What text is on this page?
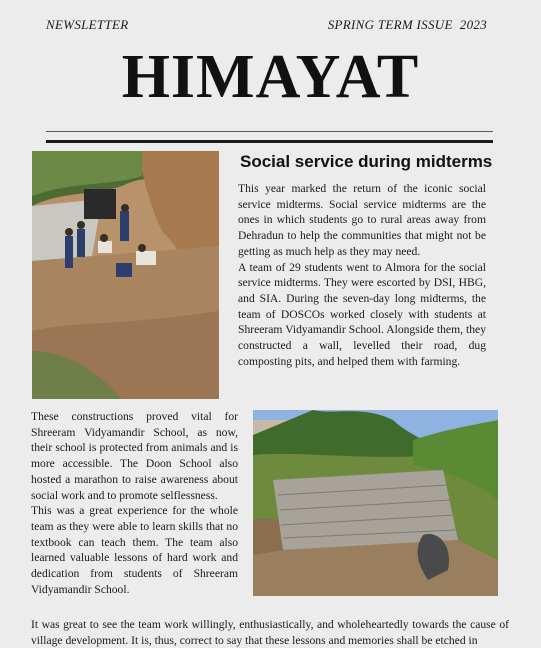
NEWSLETTER	SPRING TERM ISSUE  2023
HIMAYAT
Social service during midterms

This year marked the return of the iconic social service midterms. Social service midterms are the ones in which students go to rural areas away from Dehradun to help the communities that might not be getting as much help as they may need.

A team of 29 students went to Almora for the social service midterms. They were escorted by DSI, HBG, and SIA. During the seven-day long midterms, the team of DOSCOs worked closely with students at Shreeram Vidyamandir School. Alongside them, they constructed a wall, levelled their road, dug composting pits, and helped them with farming.

These constructions proved vital for Shreeram Vidyamandir School, as now, their school is protected from animals and is more accessible. The Doon School also hosted a marathon to raise awareness about social work and to promote selflessness.

This was a great experience for the whole team as they were able to learn skills that no textbook can teach them. The team also learned valuable lessons of hard work and dedication from students of Shreeram Vidyamandir School.

It was great to see the team work willingly, enthusiastically, and wholeheartedly towards the cause of village development. It is, thus, correct to say that these lessons and memories shall be etched in
